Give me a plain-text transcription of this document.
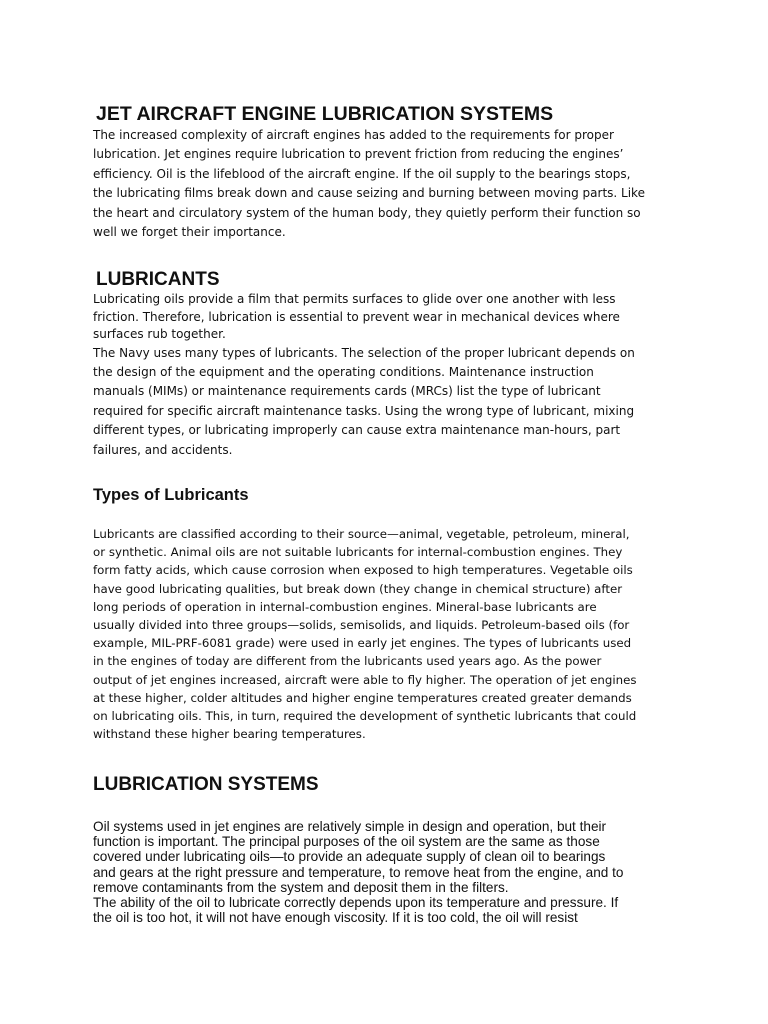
JET AIRCRAFT ENGINE LUBRICATION SYSTEMS
The increased complexity of aircraft engines has added to the requirements for proper
lubrication. Jet engines require lubrication to prevent friction from reducing the engines’
efficiency. Oil is the lifeblood of the aircraft engine. If the oil supply to the bearings stops,
the lubricating films break down and cause seizing and burning between moving parts. Like
the heart and circulatory system of the human body, they quietly perform their function so
well we forget their importance.
LUBRICANTS
Lubricating oils provide a film that permits surfaces to glide over one another with less
friction. Therefore, lubrication is essential to prevent wear in mechanical devices where
surfaces rub together.
The Navy uses many types of lubricants. The selection of the proper lubricant depends on
the design of the equipment and the operating conditions. Maintenance instruction
manuals (MIMs) or maintenance requirements cards (MRCs) list the type of lubricant
required for specific aircraft maintenance tasks. Using the wrong type of lubricant, mixing
different types, or lubricating improperly can cause extra maintenance man-hours, part
failures, and accidents.
Types of Lubricants
Lubricants are classified according to their source—animal, vegetable, petroleum, mineral,
or synthetic. Animal oils are not suitable lubricants for internal-combustion engines. They
form fatty acids, which cause corrosion when exposed to high temperatures. Vegetable oils
have good lubricating qualities, but break down (they change in chemical structure) after
long periods of operation in internal-combustion engines. Mineral-base lubricants are
usually divided into three groups—solids, semisolids, and liquids. Petroleum-based oils (for
example, MIL-PRF-6081 grade) were used in early jet engines. The types of lubricants used
in the engines of today are different from the lubricants used years ago. As the power
output of jet engines increased, aircraft were able to fly higher. The operation of jet engines
at these higher, colder altitudes and higher engine temperatures created greater demands
on lubricating oils. This, in turn, required the development of synthetic lubricants that could
withstand these higher bearing temperatures.
LUBRICATION SYSTEMS
Oil systems used in jet engines are relatively simple in design and operation, but their
function is important. The principal purposes of the oil system are the same as those
covered under lubricating oils—to provide an adequate supply of clean oil to bearings
and gears at the right pressure and temperature, to remove heat from the engine, and to
remove contaminants from the system and deposit them in the filters.
The ability of the oil to lubricate correctly depends upon its temperature and pressure. If
the oil is too hot, it will not have enough viscosity. If it is too cold, the oil will resist
